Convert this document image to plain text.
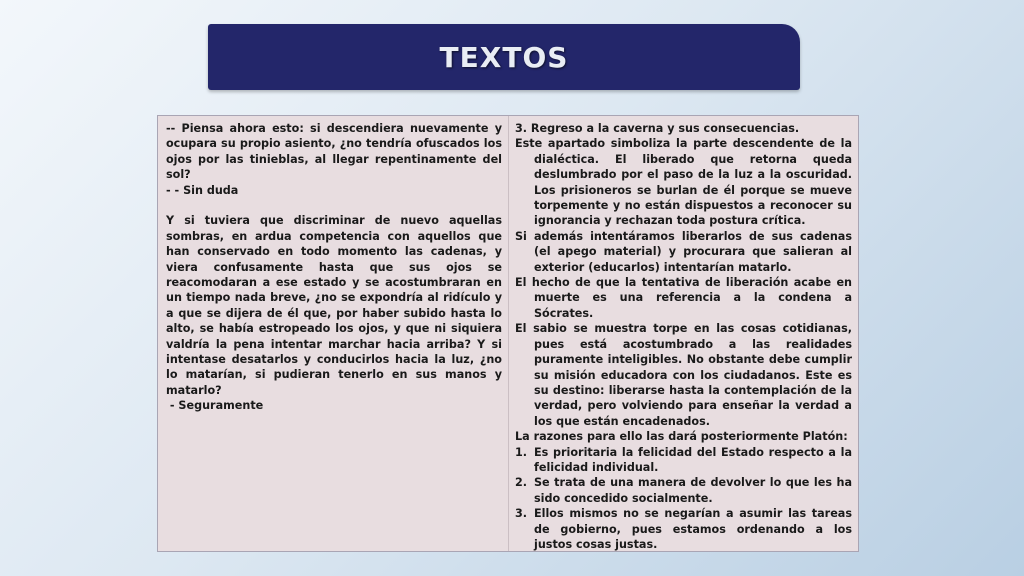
TEXTOS

-- Piensa ahora esto: si descendiera nuevamente y ocupara su propio asiento, ¿no tendría ofuscados los ojos por las tinieblas, al llegar repentinamente del sol?

- - Sin duda

Y si tuviera que discriminar de nuevo aquellas sombras, en ardua competencia con aquellos que han conservado en todo momento las cadenas, y viera confusamente hasta que sus ojos se reacomodaran a ese estado y se acostumbraran en un tiempo nada breve, ¿no se expondría al ridículo y a que se dijera de él que, por haber subido hasta lo alto, se había estropeado los ojos, y que ni siquiera valdría la pena intentar marchar hacia arriba? Y si intentase desatarlos y conducirlos hacia la luz, ¿no lo matarían, si pudieran tenerlo en sus manos y matarlo?

- Seguramente

3. Regreso a la caverna y sus consecuencias.

Este apartado simboliza la parte descendente de la dialéctica. El liberado que retorna queda deslumbrado por el paso de la luz a la oscuridad. Los prisioneros se burlan de él porque se mueve torpemente y no están dispuestos a reconocer su ignorancia y rechazan toda postura crítica.

Si además intentáramos liberarlos de sus cadenas (el apego material) y procurara que salieran al exterior (educarlos) intentarían matarlo.

El hecho de que la tentativa de liberación acabe en muerte es una referencia a la condena a Sócrates.

El sabio se muestra torpe en las cosas cotidianas, pues está acostumbrado a las realidades puramente inteligibles. No obstante debe cumplir su misión educadora con los ciudadanos. Este es su destino: liberarse hasta la contemplación de la verdad, pero volviendo para enseñar la verdad a los que están encadenados.

La razones para ello las dará posteriormente Platón:

1. Es prioritaria la felicidad del Estado respecto a la felicidad individual.
2. Se trata de una manera de devolver lo que les ha sido concedido socialmente.
3. Ellos mismos no se negarían a asumir las tareas de gobierno, pues estamos ordenando a los justos cosas justas.
